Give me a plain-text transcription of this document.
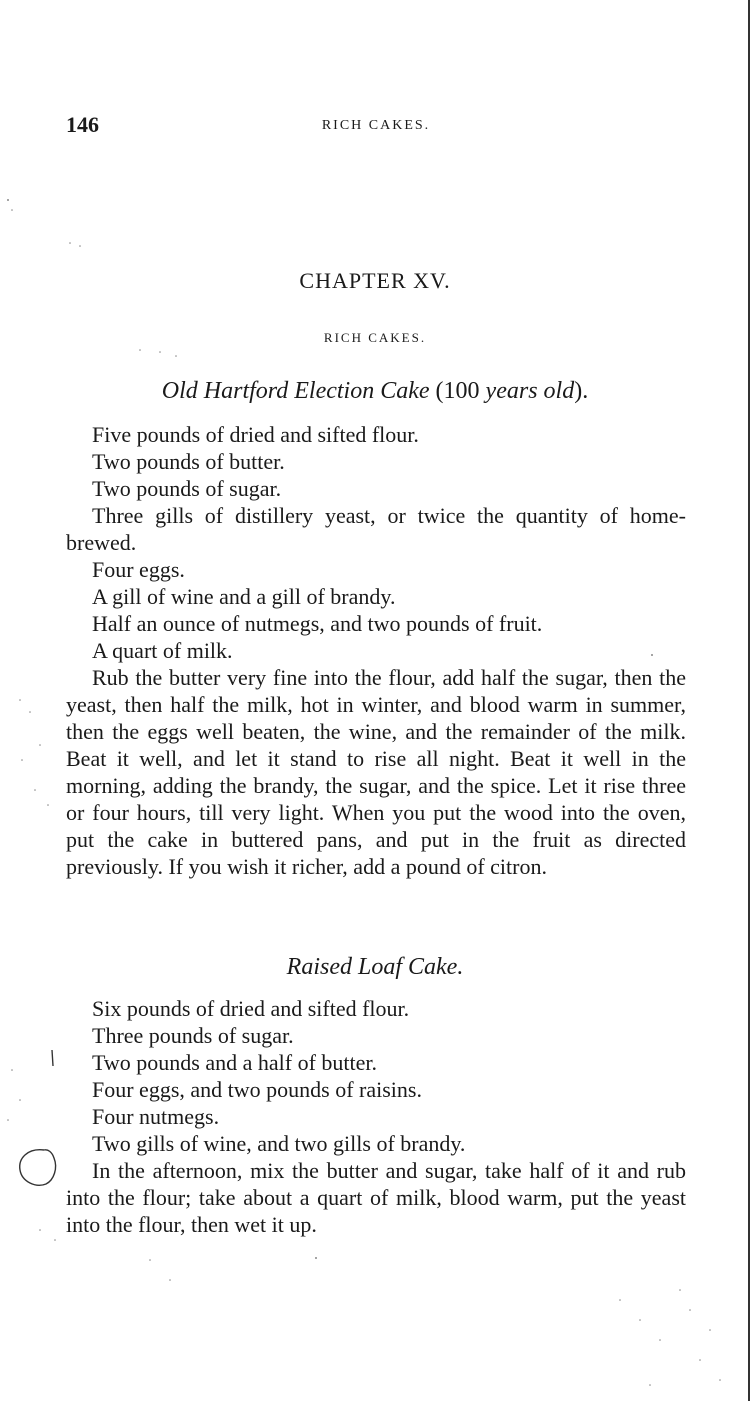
146	RICH CAKES.
CHAPTER XV.
RICH CAKES.
Old Hartford Election Cake (100 years old).

Five pounds of dried and sifted flour.

Two pounds of butter.

Two pounds of sugar.

Three gills of distillery yeast, or twice the quantity of home-brewed.

Four eggs.

A gill of wine and a gill of brandy.

Half an ounce of nutmegs, and two pounds of fruit.

A quart of milk.

Rub the butter very fine into the flour, add half the sugar, then the yeast, then half the milk, hot in winter, and blood warm in summer, then the eggs well beaten, the wine, and the remainder of the milk. Beat it well, and let it stand to rise all night. Beat it well in the morning, adding the brandy, the sugar, and the spice. Let it rise three or four hours, till very light. When you put the wood into the oven, put the cake in buttered pans, and put in the fruit as directed previously. If you wish it richer, add a pound of citron.

Raised Loaf Cake.

Six pounds of dried and sifted flour.

Three pounds of sugar.

Two pounds and a half of butter.

Four eggs, and two pounds of raisins.

Four nutmegs.

Two gills of wine, and two gills of brandy.

In the afternoon, mix the butter and sugar, take half of it and rub into the flour; take about a quart of milk, blood warm, put the yeast into the flour, then wet it up.
